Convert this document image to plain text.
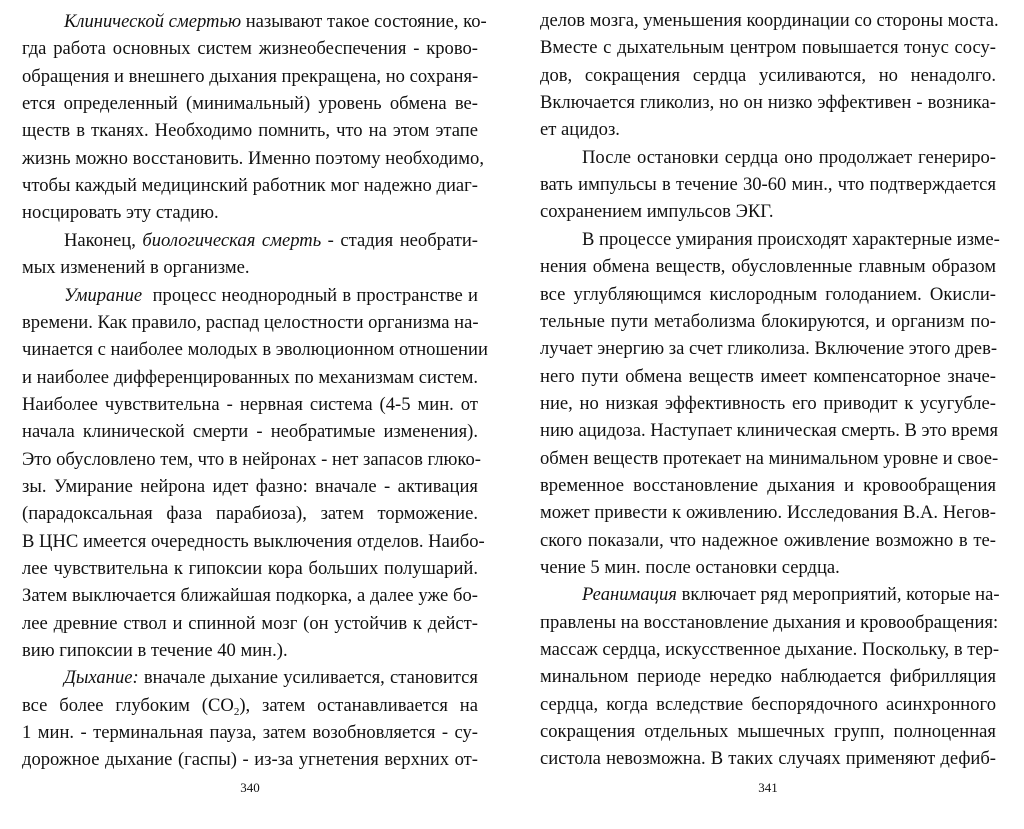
Клинической смертью называют такое состояние, ко-
гда работа основных систем жизнеобеспечения - крово-
обращения и внешнего дыхания прекращена, но сохраня-
ется определенный (минимальный) уровень обмена ве-
ществ в тканях. Необходимо помнить, что на этом этапе
жизнь можно восстановить. Именно поэтому необходимо,
чтобы каждый медицинский работник мог надежно диаг-
носцировать эту стадию.
Наконец, биологическая смерть - стадия необрати-
мых изменений в организме.
Умирание  процесс неоднородный в пространстве и
времени. Как правило, распад целостности организма на-
чинается с наиболее молодых в эволюционном отношении
и наиболее дифференцированных по механизмам систем.
Наиболее чувствительна - нервная система (4-5 мин. от
начала клинической смерти - необратимые изменения).
Это обусловлено тем, что в нейронах - нет запасов глюко-
зы. Умирание нейрона идет фазно: вначале - активация
(парадоксальная фаза парабиоза), затем торможение.
В ЦНС имеется очередность выключения отделов. Наибо-
лее чувствительна к гипоксии кора больших полушарий.
Затем выключается ближайшая подкорка, а далее уже бо-
лее древние ствол и спинной мозг (он устойчив к дейст-
вию гипоксии в течение 40 мин.).
Дыхание: вначале дыхание усиливается, становится
все более глубоким $(СО_2)$, затем останавливается на
1 мин. - терминальная пауза, затем возобновляется - су-
дорожное дыхание (гаспы) - из-за угнетения верхних от-
340
делов мозга, уменьшения координации со стороны моста.
Вместе с дыхательным центром повышается тонус сосу-
дов, сокращения сердца усиливаются, но ненадолго.
Включается гликолиз, но он низко эффективен - возника-
ет ацидоз.
После остановки сердца оно продолжает генериро-
вать импульсы в течение 30-60 мин., что подтверждается
сохранением импульсов ЭКГ.
В процессе умирания происходят характерные изме-
нения обмена веществ, обусловленные главным образом
все углубляющимся кислородным голоданием. Окисли-
тельные пути метаболизма блокируются, и организм по-
лучает энергию за счет гликолиза. Включение этого древ-
него пути обмена веществ имеет компенсаторное значе-
ние, но низкая эффективность его приводит к усугубле-
нию ацидоза. Наступает клиническая смерть. В это время
обмен веществ протекает на минимальном уровне и свое-
временное восстановление дыхания и кровообращения
может привести к оживлению. Исследования В.А. Негов-
ского показали, что надежное оживление возможно в те-
чение 5 мин. после остановки сердца.
Реанимация включает ряд мероприятий, которые на-
правлены на восстановление дыхания и кровообращения:
массаж сердца, искусственное дыхание. Поскольку, в тер-
минальном периоде нередко наблюдается фибрилляция
сердца, когда вследствие беспорядочного асинхронного
сокращения отдельных мышечных групп, полноценная
систола невозможна. В таких случаях применяют дефиб-
341
